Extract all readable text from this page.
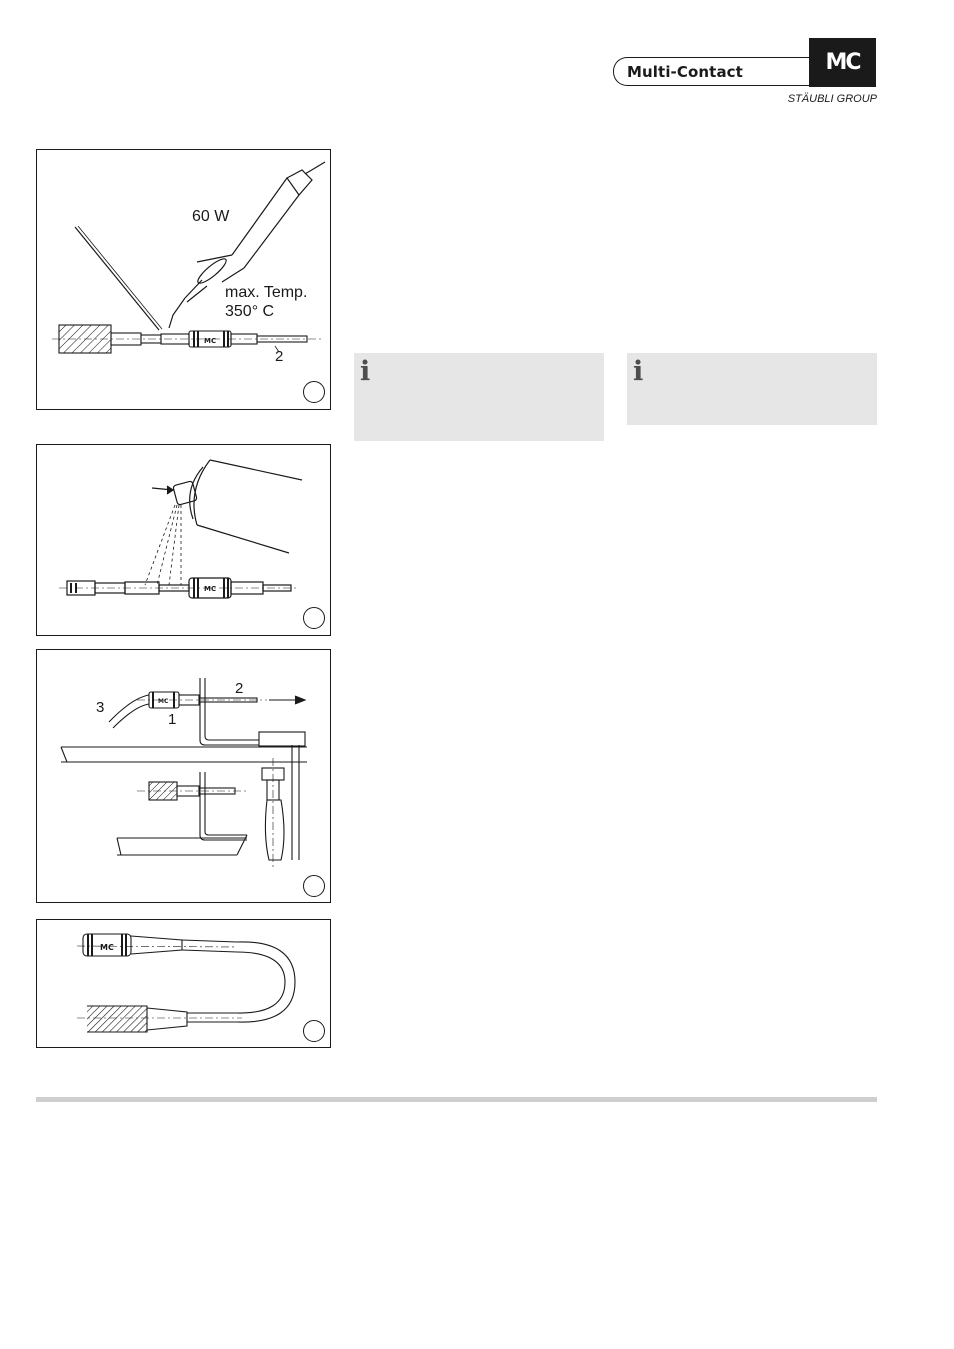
Multi-Contact	MC
STÄUBLI GROUP
MC
60 W
max. Temp.
350° C
2
MC
MC
2
1
3
MC
i	i
